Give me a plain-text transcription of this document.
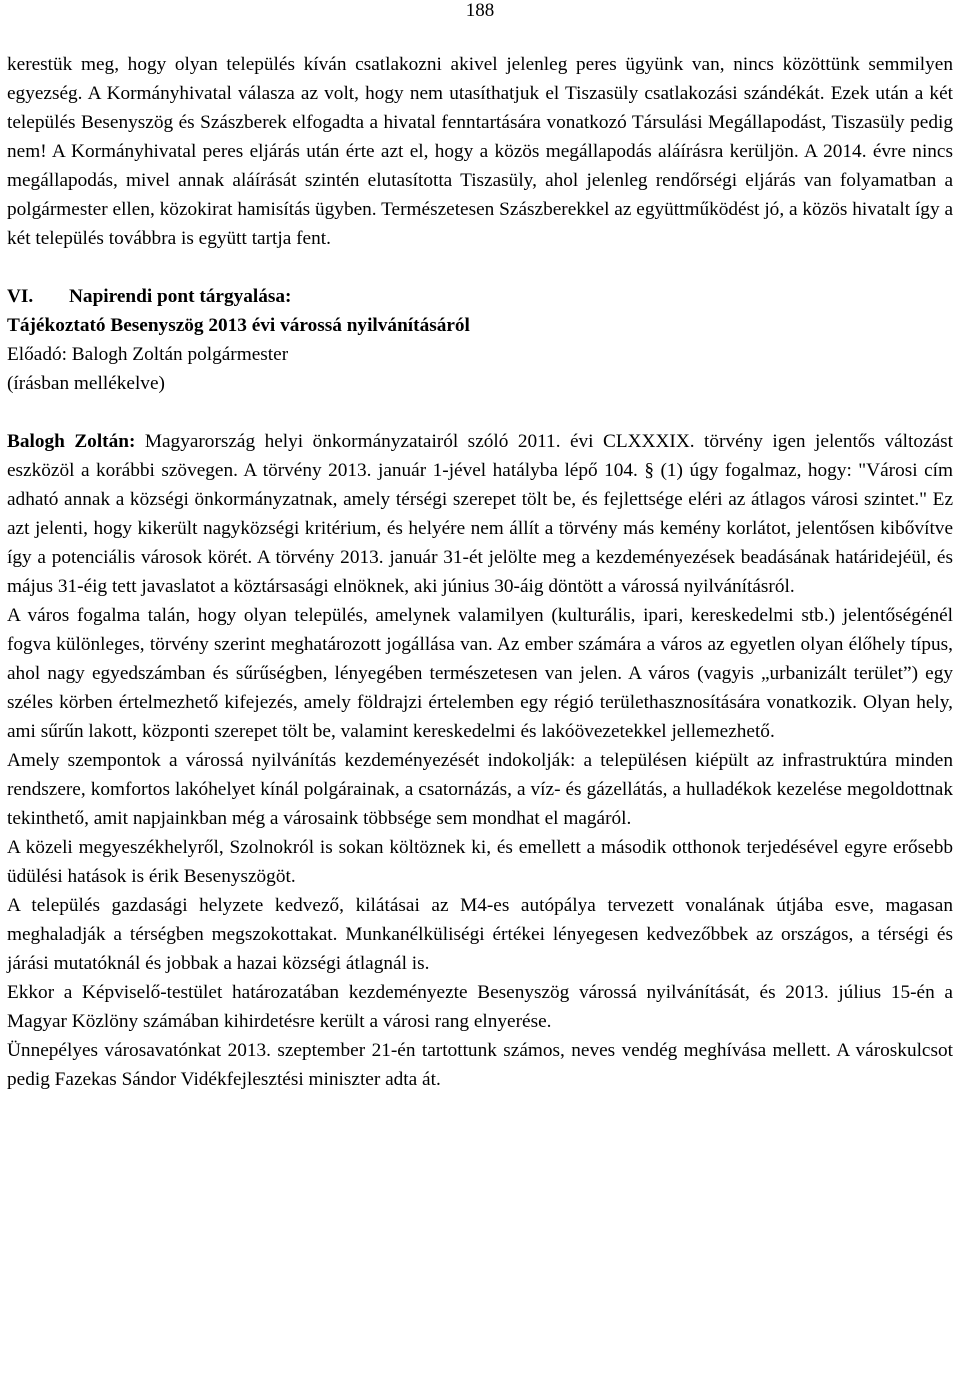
188

kerestük meg, hogy olyan település kíván csatlakozni akivel jelenleg peres ügyünk van, nincs közöttünk semmilyen egyezség. A Kormányhivatal válasza az volt, hogy nem utasíthatjuk el Tiszasüly csatlakozási szándékát. Ezek után a két település Besenyszög és Szászberek elfogadta a hivatal fenntartására vonatkozó Társulási Megállapodást, Tiszasüly pedig nem! A Kormányhivatal peres eljárás után érte azt el, hogy a közös megállapodás aláírásra kerüljön. A 2014. évre nincs megállapodás, mivel annak aláírását szintén elutasította Tiszasüly, ahol jelenleg rendőrségi eljárás van folyamatban a polgármester ellen, közokirat hamisítás ügyben. Természetesen Szászberekkel az együttműködést jó, a közös hivatalt így a két település továbbra is együtt tartja fent.

VI. Napirendi pont tárgyalása:

Tájékoztató Besenyszög 2013 évi várossá nyilvánításáról

Előadó: Balogh Zoltán polgármester

(írásban mellékelve)

Balogh Zoltán: Magyarország helyi önkormányzatairól szóló 2011. évi CLXXXIX. törvény igen jelentős változást eszközöl a korábbi szövegen. A törvény 2013. január 1-jével hatályba lépő 104. § (1) úgy fogalmaz, hogy: "Városi cím adható annak a községi önkormányzatnak, amely térségi szerepet tölt be, és fejlettsége eléri az átlagos városi szintet." Ez azt jelenti, hogy kikerült nagyközségi kritérium, és helyére nem állít a törvény más kemény korlátot, jelentősen kibővítve így a potenciális városok körét. A törvény 2013. január 31-ét jelölte meg a kezdeményezések beadásának határidejéül, és május 31-éig tett javaslatot a köztársasági elnöknek, aki június 30-áig döntött a várossá nyilvánításról.

A város fogalma talán, hogy olyan település, amelynek valamilyen (kulturális, ipari, kereskedelmi stb.) jelentőségénél fogva különleges, törvény szerint meghatározott jogállása van. Az ember számára a város az egyetlen olyan élőhely típus, ahol nagy egyedszámban és sűrűségben, lényegében természetesen van jelen. A város (vagyis „urbanizált terület”) egy széles körben értelmezhető kifejezés, amely földrajzi értelemben egy régió területhasznosítására vonatkozik. Olyan hely, ami sűrűn lakott, központi szerepet tölt be, valamint kereskedelmi és lakóövezetekkel jellemezhető.

Amely szempontok a várossá nyilvánítás kezdeményezését indokolják: a településen kiépült az infrastruktúra minden rendszere, komfortos lakóhelyet kínál polgárainak, a csatornázás, a víz- és gázellátás, a hulladékok kezelése megoldottnak tekinthető, amit napjainkban még a városaink többsége sem mondhat el magáról.

A közeli megyeszékhelyről, Szolnokról is sokan költöznek ki, és emellett a második otthonok terjedésével egyre erősebb üdülési hatások is érik Besenyszögöt.

A település gazdasági helyzete kedvező, kilátásai az M4-es autópálya tervezett vonalának útjába esve, magasan meghaladják a térségben megszokottakat. Munkanélküliségi értékei lényegesen kedvezőbbek az országos, a térségi és járási mutatóknál és jobbak a hazai községi átlagnál is.

Ekkor a Képviselő-testület határozatában kezdeményezte Besenyszög várossá nyilvánítását, és 2013. július 15-én a Magyar Közlöny számában kihirdetésre került a városi rang elnyerése.

Ünnepélyes városavatónkat 2013. szeptember 21-én tartottunk számos, neves vendég meghívása mellett. A városkulcsot pedig Fazekas Sándor Vidékfejlesztési miniszter adta át.
